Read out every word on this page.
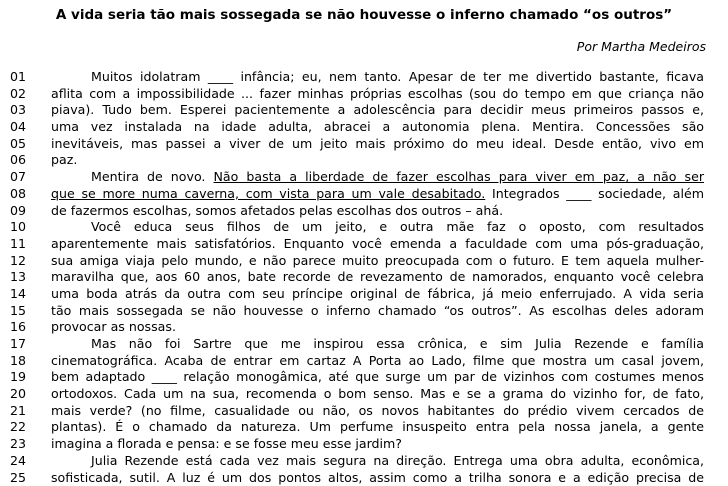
A vida seria tão mais sossegada se não houvesse o inferno chamado “os outros”
Por Martha Medeiros
01	Muitos idolatram ____ infância; eu, nem tanto. Apesar de ter me divertido bastante, ficava
02	aflita com a impossibilidade ... fazer minhas próprias escolhas (sou do tempo em que criança não
03	piava). Tudo bem. Esperei pacientemente a adolescência para decidir meus primeiros passos e,
04	uma vez instalada na idade adulta, abracei a autonomia plena. Mentira. Concessões são
05	inevitáveis, mas passei a viver de um jeito mais próximo do meu ideal. Desde então, vivo em
06	paz.
07	Mentira de novo. Não basta a liberdade de fazer escolhas para viver em paz, a não ser
08	que se more numa caverna, com vista para um vale desabitado. Integrados ____ sociedade, além
09	de fazermos escolhas, somos afetados pelas escolhas dos outros – ahá.
10	Você educa seus filhos de um jeito, e outra mãe faz o oposto, com resultados
11	aparentemente mais satisfatórios. Enquanto você emenda a faculdade com uma pós-graduação,
12	sua amiga viaja pelo mundo, e não parece muito preocupada com o futuro. E tem aquela mulher-
13	maravilha que, aos 60 anos, bate recorde de revezamento de namorados, enquanto você celebra
14	uma boda atrás da outra com seu príncipe original de fábrica, já meio enferrujado. A vida seria
15	tão mais sossegada se não houvesse o inferno chamado “os outros”. As escolhas deles adoram
16	provocar as nossas.
17	Mas não foi Sartre que me inspirou essa crônica, e sim Julia Rezende e família
18	cinematográfica. Acaba de entrar em cartaz A Porta ao Lado, filme que mostra um casal jovem,
19	bem adaptado ____ relação monogâmica, até que surge um par de vizinhos com costumes menos
20	ortodoxos. Cada um na sua, recomenda o bom senso. Mas e se a grama do vizinho for, de fato,
21	mais verde? (no filme, casualidade ou não, os novos habitantes do prédio vivem cercados de
22	plantas). É o chamado da natureza. Um perfume insuspeito entra pela nossa janela, a gente
23	imagina a florada e pensa: e se fosse meu esse jardim?
24	Julia Rezende está cada vez mais segura na direção. Entrega uma obra adulta, econômica,
25	sofisticada, sutil. A luz é um dos pontos altos, assim como a trilha sonora e a edição precisa de
